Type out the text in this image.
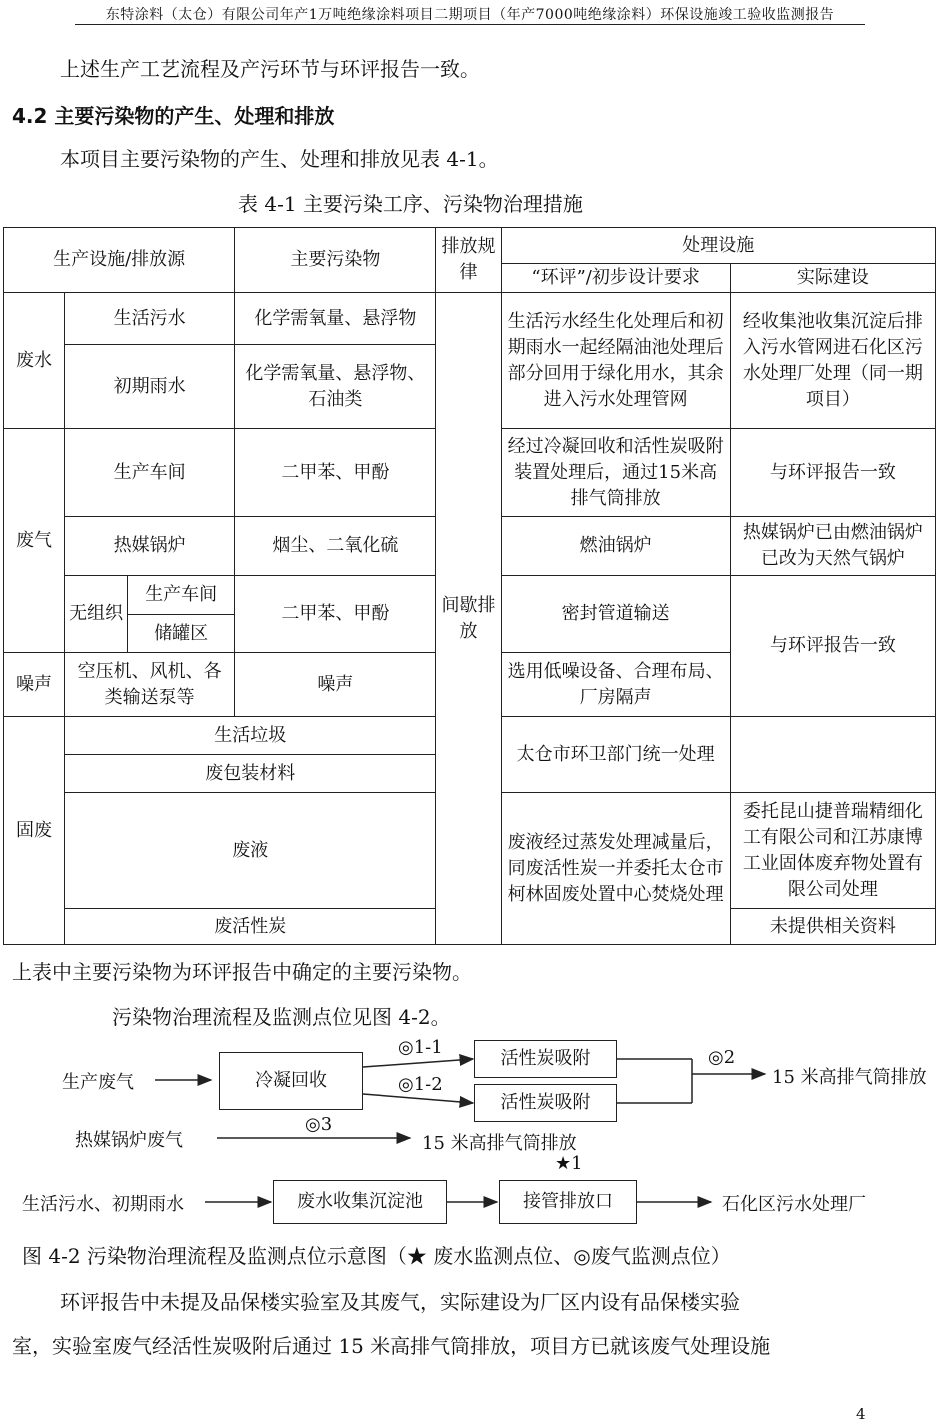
东特涂料（太仓）有限公司年产1万吨绝缘涂料项目二期项目（年产7000吨绝缘涂料）环保设施竣工验收监测报告
上述生产工艺流程及产污环节与环评报告一致。
4.2 主要污染物的产生、处理和排放
本项目主要污染物的产生、处理和排放见表 4-1。
表 4-1 主要污染工序、污染物治理措施
生产设施/排放源			主要污染物	排放规律	处理设施	
					“环评”/初步设计要求	实际建设
废水	生活污水		化学需氧量、悬浮物	间歇排放	生活污水经生化处理后和初期雨水一起经隔油池处理后部分回用于绿化用水，其余进入污水处理管网	经收集池收集沉淀后排入污水管网进石化区污水处理厂处理（同一期项目）
	初期雨水		化学需氧量、悬浮物、石油类			
废气	生产车间		二甲苯、甲酚		经过冷凝回收和活性炭吸附装置处理后，通过15米高排气筒排放	与环评报告一致
	热媒锅炉		烟尘、二氧化硫		燃油锅炉	热媒锅炉已由燃油锅炉已改为天然气锅炉
	无组织	生产车间	二甲苯、甲酚		密封管道输送	与环评报告一致
		储罐区				
噪声	空压机、风机、各类输送泵等		噪声		选用低噪设备、合理布局、厂房隔声	
固废	生活垃圾				太仓市环卫部门统一处理	
	废包装材料					
	废液				废液经过蒸发处理减量后，同废活性炭一并委托太仓市柯林固废处置中心焚烧处理	委托昆山捷普瑞精细化工有限公司和江苏康博工业固体废弃物处置有限公司处理
	废活性炭					未提供相关资料
上表中主要污染物为环评报告中确定的主要污染物。
污染物治理流程及监测点位见图 4-2。
生产废气	冷凝回收
◎1-1
◎1-2
活性炭吸附
活性炭吸附
◎2
15 米高排气筒排放
热媒锅炉废气
◎3
15 米高排气筒排放
★1
生活污水、初期雨水	废水收集沉淀池	接管排放口	石化区污水处理厂
图 4-2 污染物治理流程及监测点位示意图（★ 废水监测点位、◎废气监测点位）
环评报告中未提及品保楼实验室及其废气，实际建设为厂区内设有品保楼实验
室，实验室废气经活性炭吸附后通过 15 米高排气筒排放，项目方已就该废气处理设施
4
